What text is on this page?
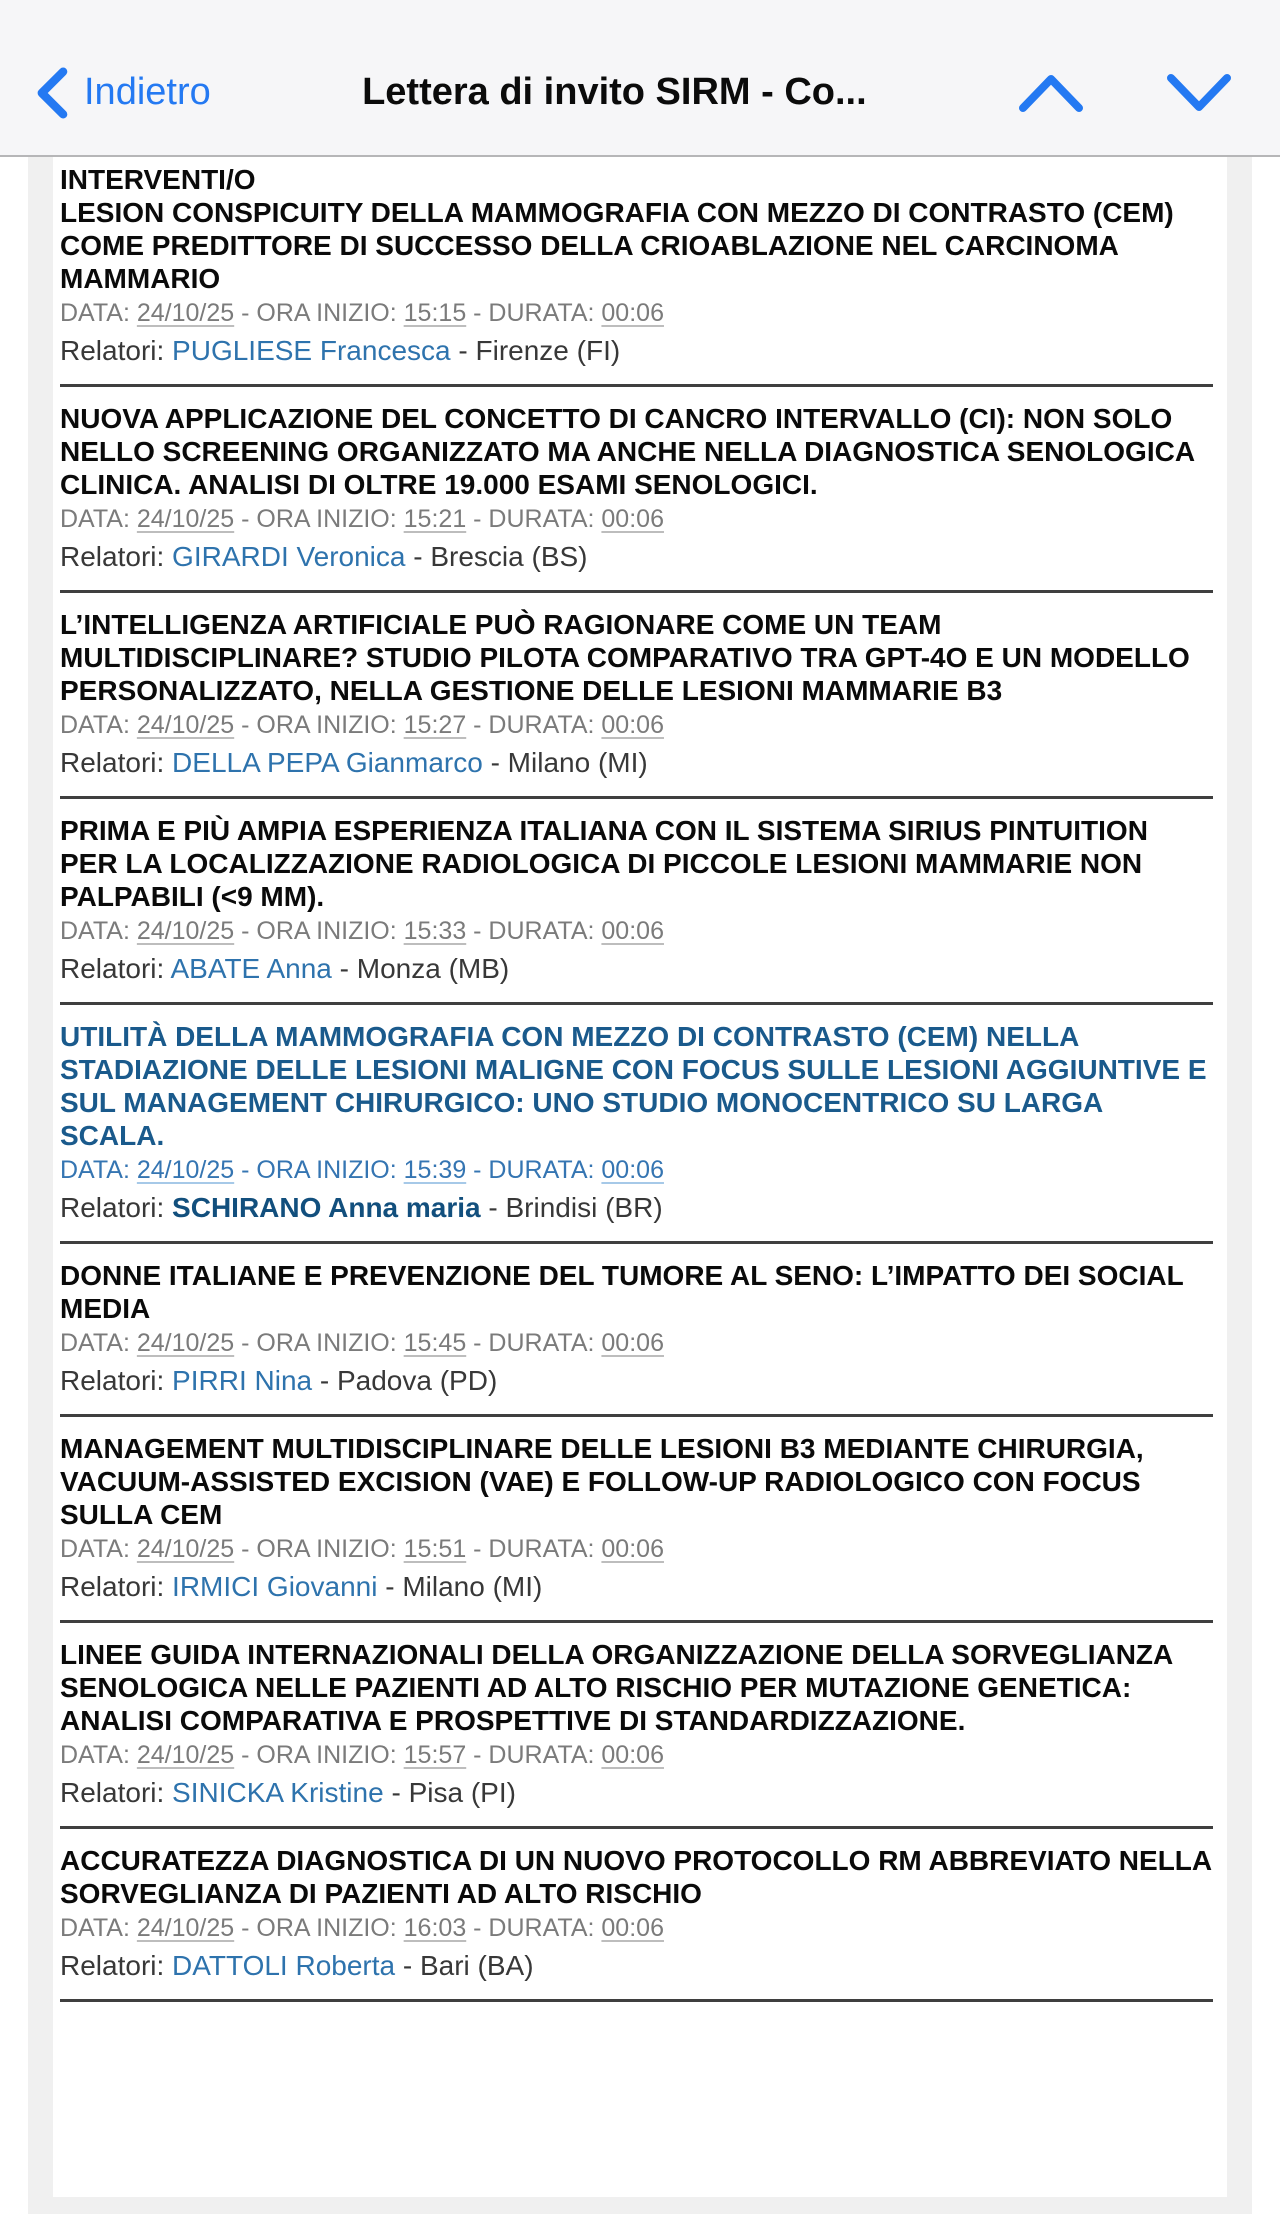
Indietro	Lettera di invito SIRM - Co...

INTERVENTI/O

LESION CONSPICUITY DELLA MAMMOGRAFIA CON MEZZO DI CONTRASTO (CEM) COME PREDITTORE DI SUCCESSO DELLA CRIOABLAZIONE NEL CARCINOMA MAMMARIO

DATA: 24/10/25 - ORA INIZIO: 15:15 - DURATA: 00:06

Relatori: PUGLIESE Francesca - Firenze (FI)

NUOVA APPLICAZIONE DEL CONCETTO DI CANCRO INTERVALLO (CI): NON SOLO NELLO SCREENING ORGANIZZATO MA ANCHE NELLA DIAGNOSTICA SENOLOGICA CLINICA. ANALISI DI OLTRE 19.000 ESAMI SENOLOGICI.

DATA: 24/10/25 - ORA INIZIO: 15:21 - DURATA: 00:06

Relatori: GIRARDI Veronica - Brescia (BS)

L’INTELLIGENZA ARTIFICIALE PUÒ RAGIONARE COME UN TEAM MULTIDISCIPLINARE? STUDIO PILOTA COMPARATIVO TRA GPT-4O E UN MODELLO PERSONALIZZATO, NELLA GESTIONE DELLE LESIONI MAMMARIE B3

DATA: 24/10/25 - ORA INIZIO: 15:27 - DURATA: 00:06

Relatori: DELLA PEPA Gianmarco - Milano (MI)

PRIMA E PIÙ AMPIA ESPERIENZA ITALIANA CON IL SISTEMA SIRIUS PINTUITION PER LA LOCALIZZAZIONE RADIOLOGICA DI PICCOLE LESIONI MAMMARIE NON PALPABILI (<9 MM).

DATA: 24/10/25 - ORA INIZIO: 15:33 - DURATA: 00:06

Relatori: ABATE Anna - Monza (MB)

UTILITÀ DELLA MAMMOGRAFIA CON MEZZO DI CONTRASTO (CEM) NELLA STADIAZIONE DELLE LESIONI MALIGNE CON FOCUS SULLE LESIONI AGGIUNTIVE E SUL MANAGEMENT CHIRURGICO: UNO STUDIO MONOCENTRICO SU LARGA SCALA.

DATA: 24/10/25 - ORA INIZIO: 15:39 - DURATA: 00:06

Relatori: SCHIRANO Anna maria - Brindisi (BR)

DONNE ITALIANE E PREVENZIONE DEL TUMORE AL SENO: L’IMPATTO DEI SOCIAL MEDIA

DATA: 24/10/25 - ORA INIZIO: 15:45 - DURATA: 00:06

Relatori: PIRRI Nina - Padova (PD)

MANAGEMENT MULTIDISCIPLINARE DELLE LESIONI B3 MEDIANTE CHIRURGIA, VACUUM-ASSISTED EXCISION (VAE) E FOLLOW-UP RADIOLOGICO CON FOCUS SULLA CEM

DATA: 24/10/25 - ORA INIZIO: 15:51 - DURATA: 00:06

Relatori: IRMICI Giovanni - Milano (MI)

LINEE GUIDA INTERNAZIONALI DELLA ORGANIZZAZIONE DELLA SORVEGLIANZA SENOLOGICA NELLE PAZIENTI AD ALTO RISCHIO PER MUTAZIONE GENETICA: ANALISI COMPARATIVA E PROSPETTIVE DI STANDARDIZZAZIONE.

DATA: 24/10/25 - ORA INIZIO: 15:57 - DURATA: 00:06

Relatori: SINICKA Kristine - Pisa (PI)

ACCURATEZZA DIAGNOSTICA DI UN NUOVO PROTOCOLLO RM ABBREVIATO NELLA SORVEGLIANZA DI PAZIENTI AD ALTO RISCHIO

DATA: 24/10/25 - ORA INIZIO: 16:03 - DURATA: 00:06

Relatori: DATTOLI Roberta - Bari (BA)
